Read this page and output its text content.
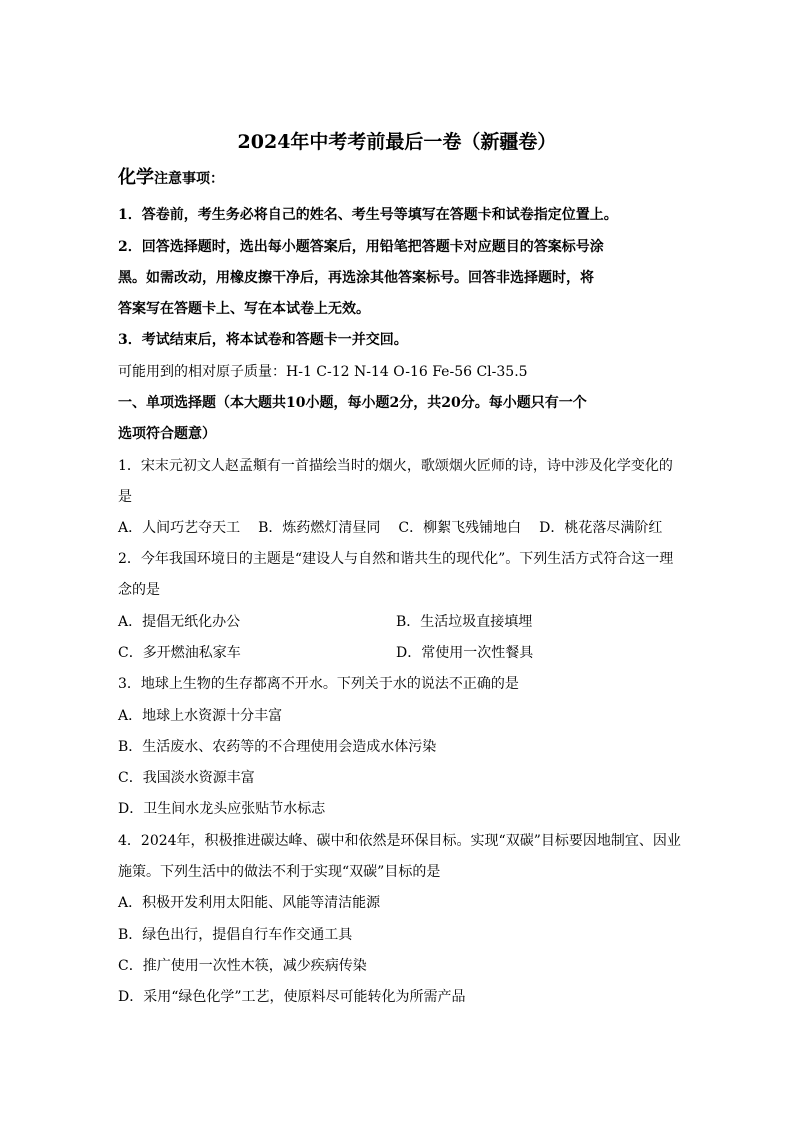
2024年中考考前最后一卷（新疆卷）

化学注意事项：

1．答卷前，考生务必将自己的姓名、考生号等填写在答题卡和试卷指定位置上。

2．回答选择题时，选出每小题答案后，用铅笔把答题卡对应题目的答案标号涂

黑。如需改动，用橡皮擦干净后，再选涂其他答案标号。回答非选择题时，将

答案写在答题卡上、写在本试卷上无效。

3．考试结束后，将本试卷和答题卡一并交回。

可能用到的相对原子质量：H-1 C-12 N-14 O-16 Fe-56 Cl-35.5

一、单项选择题（本大题共10小题，每小题2分，共20分。每小题只有一个

选项符合题意）

1．宋末元初文人赵孟頫有一首描绘当时的烟火，歌颂烟火匠师的诗，诗中涉及化学变化的

是

A．人间巧艺夺天工 B．炼药燃灯清昼同 C．柳絮飞残铺地白 D．桃花落尽满阶红

2．今年我国环境日的主题是“建设人与自然和谐共生的现代化”。下列生活方式符合这一理

念的是

A．提倡无纸化办公	B．生活垃圾直接填埋

C．多开燃油私家车	D．常使用一次性餐具

3．地球上生物的生存都离不开水。下列关于水的说法不正确的是

A．地球上水资源十分丰富

B．生活废水、农药等的不合理使用会造成水体污染

C．我国淡水资源丰富

D．卫生间水龙头应张贴节水标志

4．2024年，积极推进碳达峰、碳中和依然是环保目标。实现“双碳”目标要因地制宜、因业

施策。下列生活中的做法不利于实现“双碳”目标的是

A．积极开发利用太阳能、风能等清洁能源

B．绿色出行，提倡自行车作交通工具

C．推广使用一次性木筷，减少疾病传染

D．采用“绿色化学”工艺，使原料尽可能转化为所需产品
